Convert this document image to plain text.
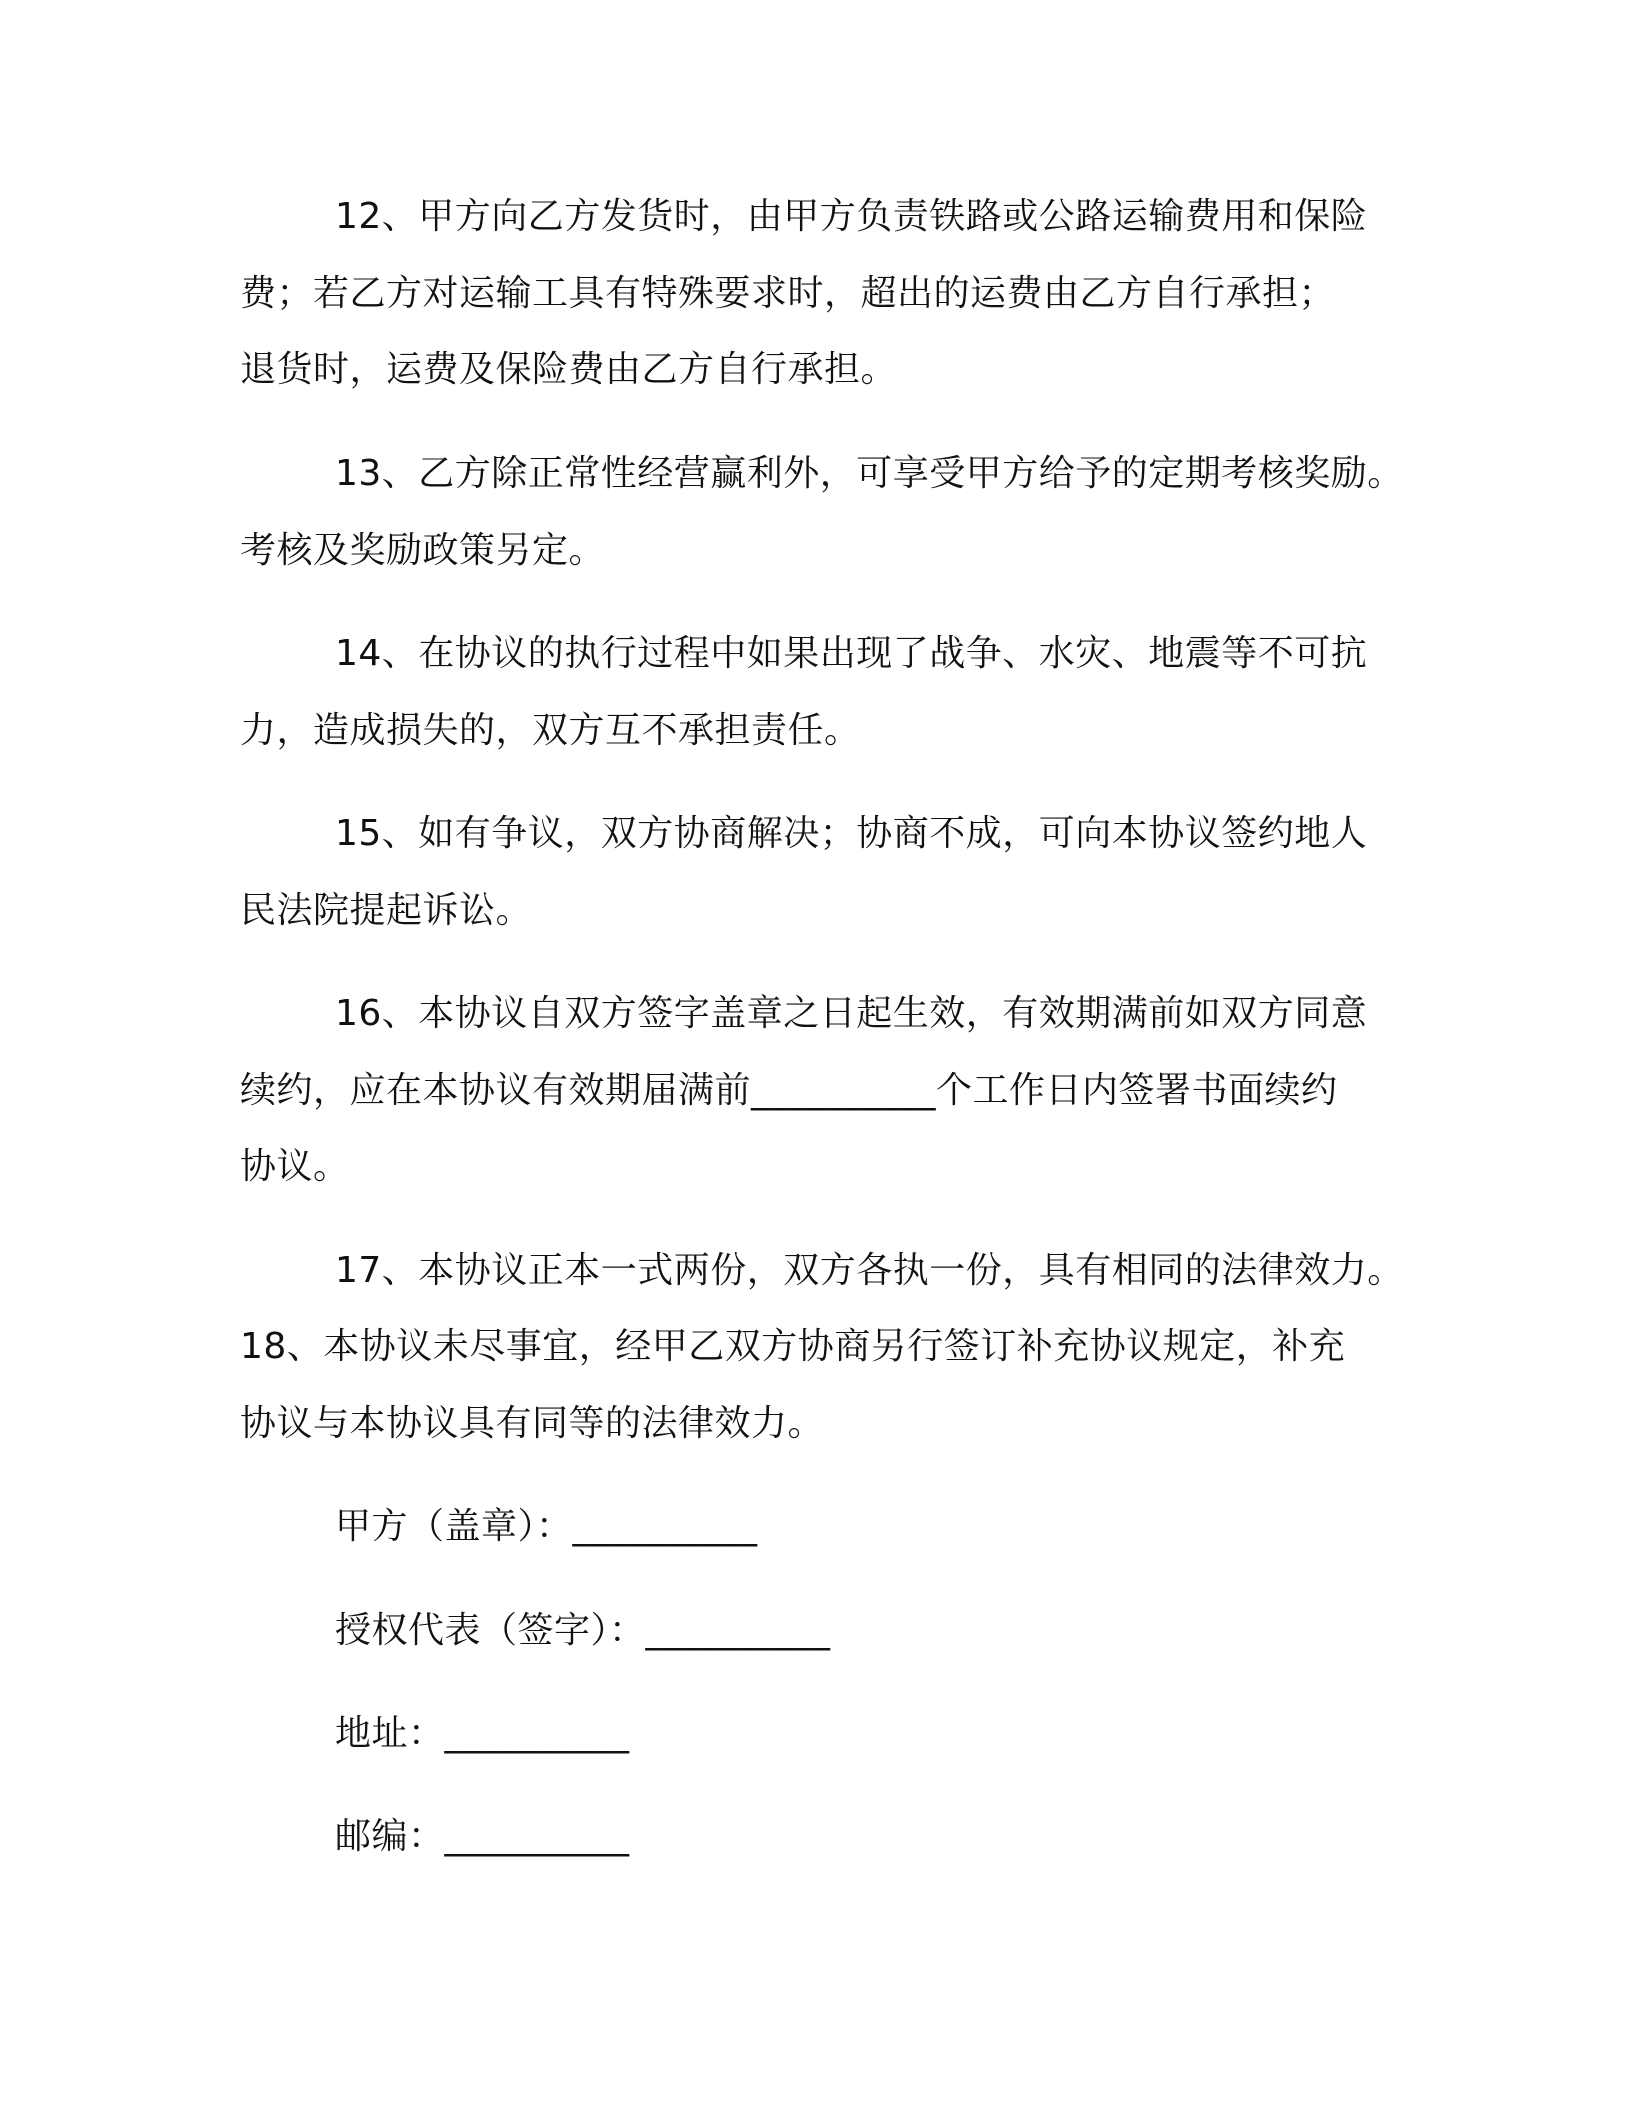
12、甲方向乙方发货时，由甲方负责铁路或公路运输费用和保险
费；若乙方对运输工具有特殊要求时，超出的运费由乙方自行承担；
退货时，运费及保险费由乙方自行承担。
13、乙方除正常性经营赢利外，可享受甲方给予的定期考核奖励。
考核及奖励政策另定。
14、在协议的执行过程中如果出现了战争、水灾、地震等不可抗
力，造成损失的，双方互不承担责任。
15、如有争议，双方协商解决；协商不成，可向本协议签约地人
民法院提起诉讼。
16、本协议自双方签字盖章之日起生效，有效期满前如双方同意
续约，应在本协议有效期届满前__________个工作日内签署书面续约
协议。
17、本协议正本一式两份，双方各执一份，具有相同的法律效力。
18、本协议未尽事宜，经甲乙双方协商另行签订补充协议规定，补充
协议与本协议具有同等的法律效力。
甲方（盖章）：__________
授权代表（签字）：__________
地址：__________
邮编：__________
